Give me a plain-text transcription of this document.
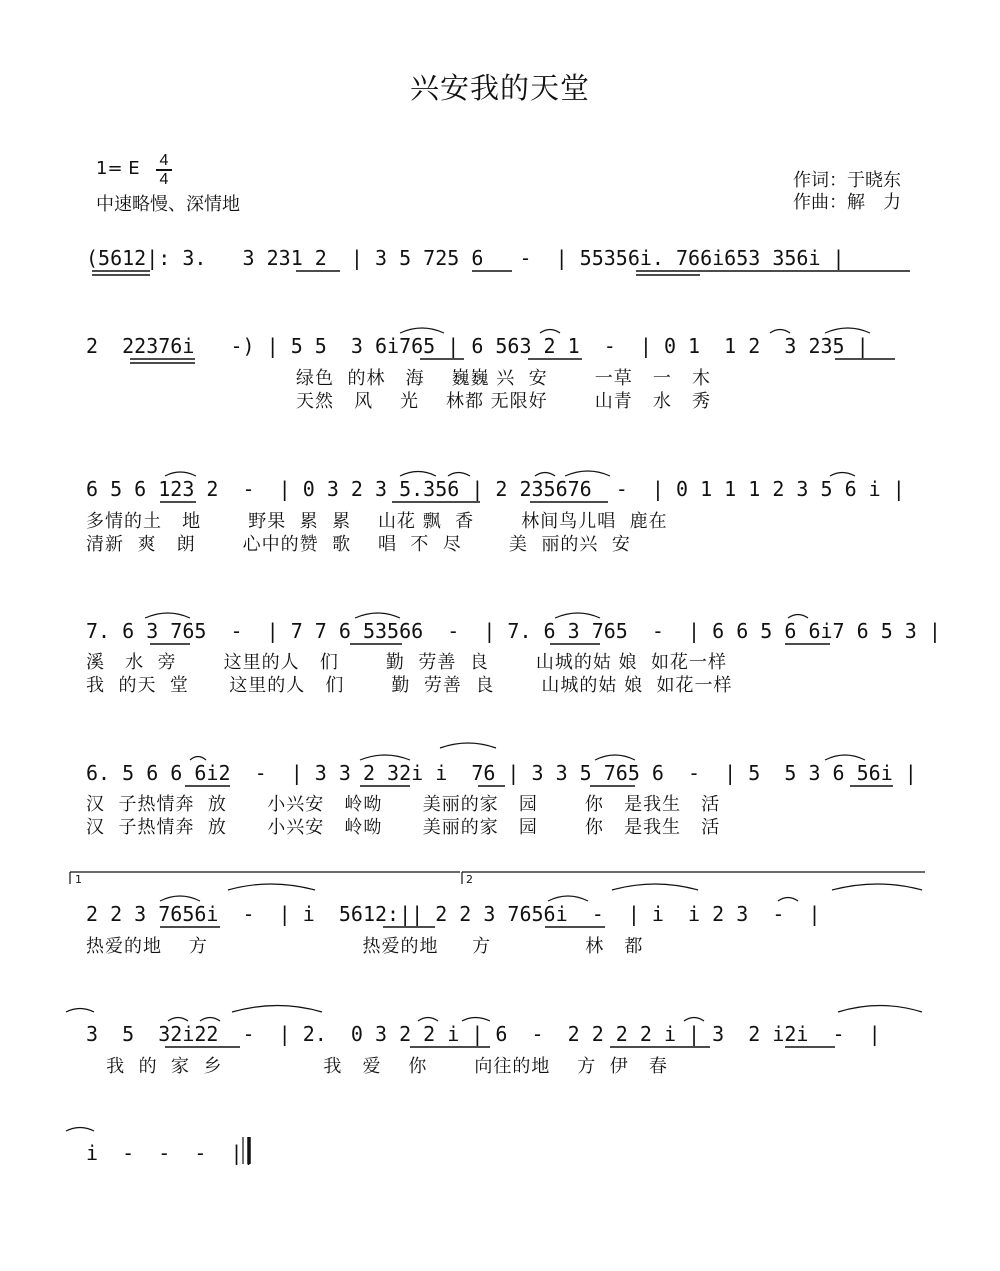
兴安我的天堂
1= E 4
4
中速略慢、深情地
作词：于晓东
作曲：解　力
(5612|: 3.   3 231 2  | 3 5 725 6   -  | 55356i. 766i653 356i |
2  22376i   -) | 5 5  3 6i765 | 6 563 2 1  -  | 0 1  1 2  3 235 |
绿色  的林   海    巍巍 兴  安       一草   一   木
天然   风    光    林都 无限好       山青   水   秀
6 5 6 123 2  -  | 0 3 2 3 5.356 | 2 235676  -  | 0 1 1 1 2 3 5 6 i |
多情的土   地       野果  累  累    山花 飘  香       林间鸟儿唱  鹿在
清新  爽   朗       心中的赞  歌    唱  不  尽       美  丽的兴  安
7. 6 3 765  -  | 7 7 6 53566  -  | 7. 6 3 765  -  | 6 6 5 6 6i7 6 5 3 |
溪   水  旁       这里的人   们       勤  劳善  良       山城的姑 娘  如花一样
我  的天  堂      这里的人   们       勤  劳善  良       山城的姑 娘  如花一样
6. 5 6 6 6i2  -  | 3 3 2 32i i  76 | 3 3 5 765 6  -  | 5  5 3 6 56i |
汉  子热情奔  放      小兴安   岭呦      美丽的家   园       你   是我生   活
汉  子热情奔  放      小兴安   岭呦      美丽的家   园       你   是我生   活
2 2 3 7656i  -  | i  5612:|| 2 2 3 7656i  -  | i  i 2 3  -  |
热爱的地    方                       热爱的地     方              林   都
3  5  32i22  -  | 2.  0 3 2 2 i | 6  -  2 2 2 2 i | 3  2 i2i  -  |
我  的  家  乡               我   爱    你       向往的地    方  伊   春
i  -  -  -  ||
1	2
